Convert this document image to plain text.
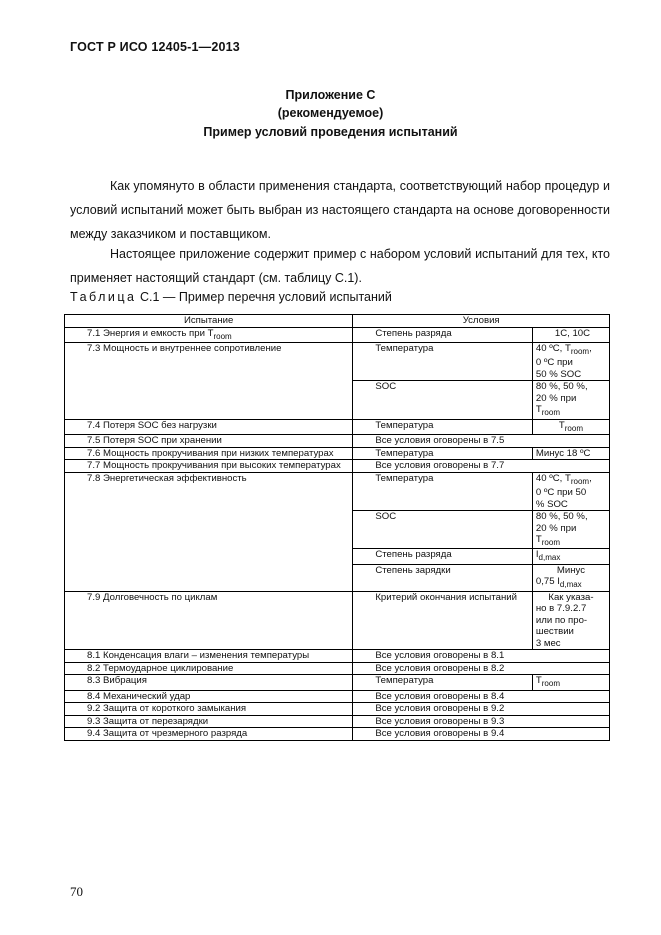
ГОСТ Р ИСО 12405-1—2013
Приложение С
(рекомендуемое)
Пример условий проведения испытаний
Как упомянуто в области применения стандарта, соответствующий набор процедур и условий испытаний может быть выбран из настоящего стандарта на основе договоренности между заказчиком и поставщиком.
Настоящее приложение содержит пример с набором условий испытаний для тех, кто применяет настоящий стандарт (см. таблицу С.1).
Таблица С.1 — Пример перечня условий испытаний
Испытание	Условия	
7.1 Энергия и емкость при $T_{room}$	Степень разряда	1С, 10С
7.3 Мощность и внутреннее сопротивление	Температура	40 ºС, $T_{room}$,
0 ºС при
50 % SOC
	SOC	80 %, 50 %,
20 % при
$T_{room}$
7.4 Потеря SOC без нагрузки	Температура	$T_{room}$
7.5 Потеря SOC при хранении	Все условия оговорены в 7.5	
7.6 Мощность прокручивания при низких температурах	Температура	Минус 18 ºС
7.7 Мощность прокручивания при высоких температурах	Все условия оговорены в 7.7	
7.8 Энергетическая эффективность	Температура	40 ºС, $T_{room}$,
0 ºС при 50
% SOC
	SOC	80 %, 50 %,
20 % при
$T_{room}$
	Степень разряда	$I_{d,max}$
	Степень зарядки	Минус
0,75 $I_{d,max}$
7.9 Долговечность по циклам	Критерий окончания испытаний	Как указа-
но в 7.9.2.7
или по про-
шествии
3 мес

8.1 Конденсация влаги – изменения температуры	Все условия оговорены в 8.1	
8.2 Термоударное циклирование	Все условия оговорены в 8.2	
8.3 Вибрация	Температура	$T_{room}$
8.4 Механический удар	Все условия оговорены в 8.4	
9.2 Защита от короткого замыкания	Все условия оговорены в 9.2	
9.3 Защита от перезарядки	Все условия оговорены в 9.3	
9.4 Защита от чрезмерного разряда	Все условия оговорены в 9.4	
70
